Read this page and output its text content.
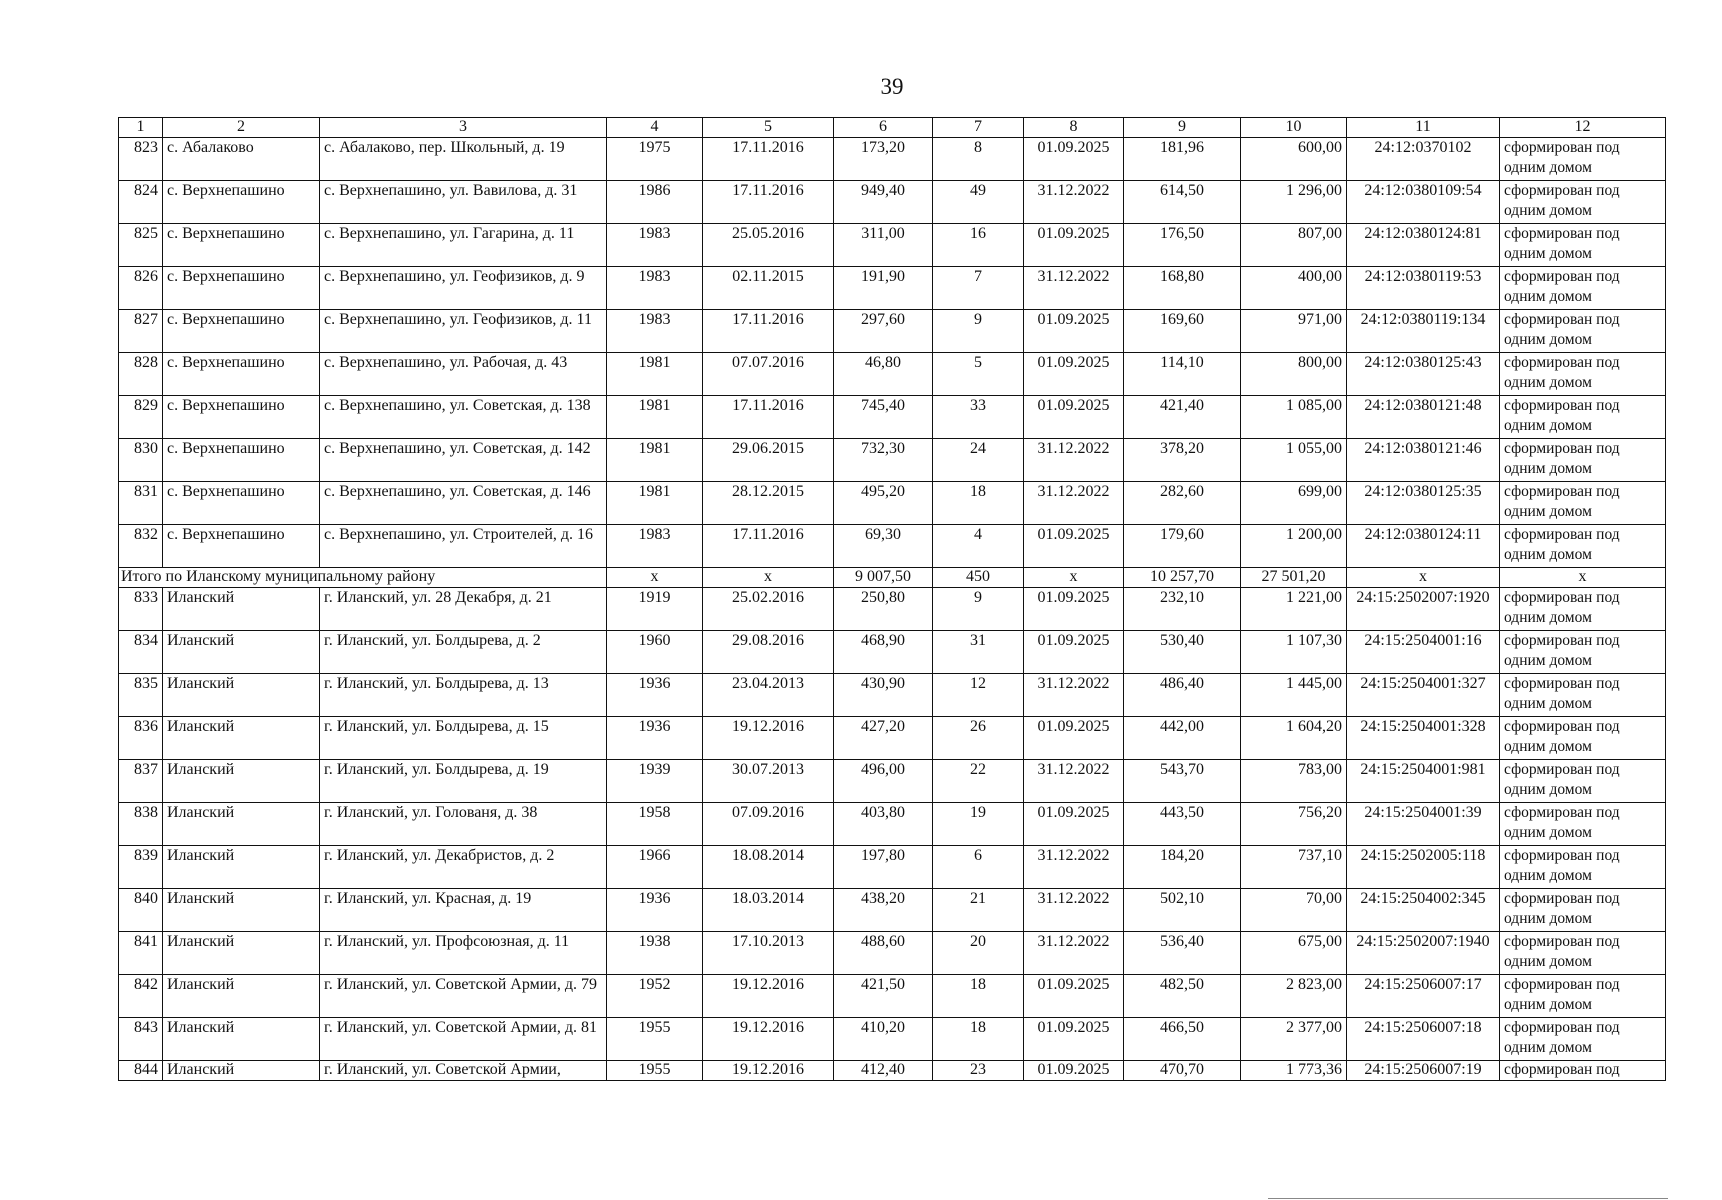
39
1	2	3	4	5	6	7	8	9	10	11	12
823	с. Абалаково	с. Абалаково, пер. Школьный, д. 19	1975	17.11.2016	173,20	8	01.09.2025	181,96	600,00	24:12:0370102	сформирован под одним домом
824	с. Верхнепашино	с. Верхнепашино, ул. Вавилова, д. 31	1986	17.11.2016	949,40	49	31.12.2022	614,50	1 296,00	24:12:0380109:54	сформирован под одним домом
825	с. Верхнепашино	с. Верхнепашино, ул. Гагарина, д. 11	1983	25.05.2016	311,00	16	01.09.2025	176,50	807,00	24:12:0380124:81	сформирован под одним домом
826	с. Верхнепашино	с. Верхнепашино, ул. Геофизиков, д. 9	1983	02.11.2015	191,90	7	31.12.2022	168,80	400,00	24:12:0380119:53	сформирован под одним домом
827	с. Верхнепашино	с. Верхнепашино, ул. Геофизиков, д. 11	1983	17.11.2016	297,60	9	01.09.2025	169,60	971,00	24:12:0380119:134	сформирован под одним домом
828	с. Верхнепашино	с. Верхнепашино, ул. Рабочая, д. 43	1981	07.07.2016	46,80	5	01.09.2025	114,10	800,00	24:12:0380125:43	сформирован под одним домом
829	с. Верхнепашино	с. Верхнепашино, ул. Советская, д. 138	1981	17.11.2016	745,40	33	01.09.2025	421,40	1 085,00	24:12:0380121:48	сформирован под одним домом
830	с. Верхнепашино	с. Верхнепашино, ул. Советская, д. 142	1981	29.06.2015	732,30	24	31.12.2022	378,20	1 055,00	24:12:0380121:46	сформирован под одним домом
831	с. Верхнепашино	с. Верхнепашино, ул. Советская, д. 146	1981	28.12.2015	495,20	18	31.12.2022	282,60	699,00	24:12:0380125:35	сформирован под одним домом
832	с. Верхнепашино	с. Верхнепашино, ул. Строителей, д. 16	1983	17.11.2016	69,30	4	01.09.2025	179,60	1 200,00	24:12:0380124:11	сформирован под одним домом
Итого по Иланскому муниципальному району			х	х	9 007,50	450	х	10 257,70	27 501,20	х	х
833	Иланский	г. Иланский, ул. 28 Декабря, д. 21	1919	25.02.2016	250,80	9	01.09.2025	232,10	1 221,00	24:15:2502007:1920	сформирован под одним домом
834	Иланский	г. Иланский, ул. Болдырева, д. 2	1960	29.08.2016	468,90	31	01.09.2025	530,40	1 107,30	24:15:2504001:16	сформирован под одним домом
835	Иланский	г. Иланский, ул. Болдырева, д. 13	1936	23.04.2013	430,90	12	31.12.2022	486,40	1 445,00	24:15:2504001:327	сформирован под одним домом
836	Иланский	г. Иланский, ул. Болдырева, д. 15	1936	19.12.2016	427,20	26	01.09.2025	442,00	1 604,20	24:15:2504001:328	сформирован под одним домом
837	Иланский	г. Иланский, ул. Болдырева, д. 19	1939	30.07.2013	496,00	22	31.12.2022	543,70	783,00	24:15:2504001:981	сформирован под одним домом
838	Иланский	г. Иланский, ул. Голованя, д. 38	1958	07.09.2016	403,80	19	01.09.2025	443,50	756,20	24:15:2504001:39	сформирован под одним домом
839	Иланский	г. Иланский, ул. Декабристов, д. 2	1966	18.08.2014	197,80	6	31.12.2022	184,20	737,10	24:15:2502005:118	сформирован под одним домом
840	Иланский	г. Иланский, ул. Красная, д. 19	1936	18.03.2014	438,20	21	31.12.2022	502,10	70,00	24:15:2504002:345	сформирован под одним домом
841	Иланский	г. Иланский, ул. Профсоюзная, д. 11	1938	17.10.2013	488,60	20	31.12.2022	536,40	675,00	24:15:2502007:1940	сформирован под одним домом
842	Иланский	г. Иланский, ул. Советской Армии, д. 79	1952	19.12.2016	421,50	18	01.09.2025	482,50	2 823,00	24:15:2506007:17	сформирован под одним домом
843	Иланский	г. Иланский, ул. Советской Армии, д. 81	1955	19.12.2016	410,20	18	01.09.2025	466,50	2 377,00	24:15:2506007:18	сформирован под одним домом
844	Иланский	г. Иланский, ул. Советской Армии,	1955	19.12.2016	412,40	23	01.09.2025	470,70	1 773,36	24:15:2506007:19	сформирован под
